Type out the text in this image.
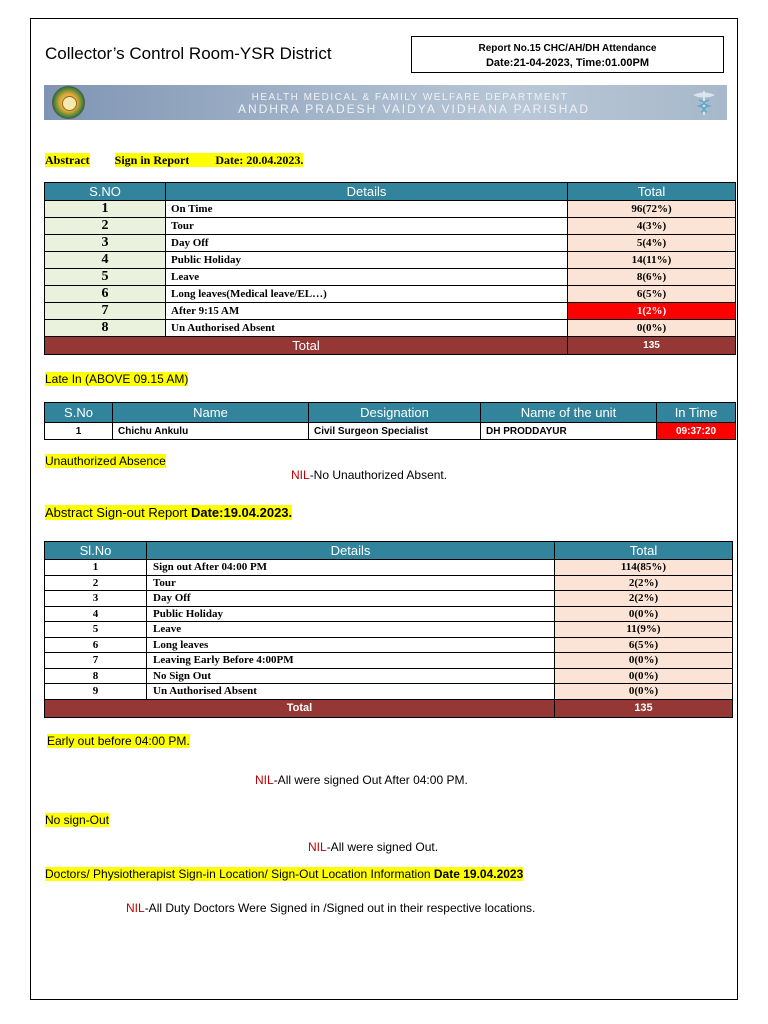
Collector’s Control Room-YSR District	Report No.15 CHC/AH/DH Attendance
Date:21-04-2023, Time:01.00PM
HEALTH MEDICAL & FAMILY WELFARE DEPARTMENT
ANDHRA PRADESH VAIDYA VIDHANA PARISHAD
Abstract Sign in Report Date: 20.04.2023.
S.NO	Details	Total
1	On Time	96(72%)
2	Tour	4(3%)
3	Day Off	5(4%)
4	Public Holiday	14(11%)
5	Leave	8(6%)
6	Long leaves(Medical leave/EL…)	6(5%)
7	After 9:15 AM	1(2%)
8	Un Authorised Absent	0(0%)
Total		135
Late In (ABOVE 09.15 AM)
S.No	Name	Designation	Name of the unit	In Time
1	Chichu Ankulu	Civil Surgeon Specialist	DH PRODDAYUR	09:37:20
Unauthorized Absence
NIL-No Unauthorized Absent.
Abstract Sign-out Report Date:19.04.2023.
Sl.No	Details	Total
1	Sign out After 04:00 PM	114(85%)
2	Tour	2(2%)
3	Day Off	2(2%)
4	Public Holiday	0(0%)
5	Leave	11(9%)
6	Long leaves	6(5%)
7	Leaving Early Before 4:00PM	0(0%)
8	No Sign Out	0(0%)
9	Un Authorised Absent	0(0%)
Total		135
Early out before 04:00 PM.
NIL-All were signed Out After 04:00 PM.
No sign-Out
NIL-All were signed Out.
Doctors/ Physiotherapist Sign-in Location/ Sign-Out Location Information Date 19.04.2023
NIL-All Duty Doctors Were Signed in /Signed out in their respective locations.
